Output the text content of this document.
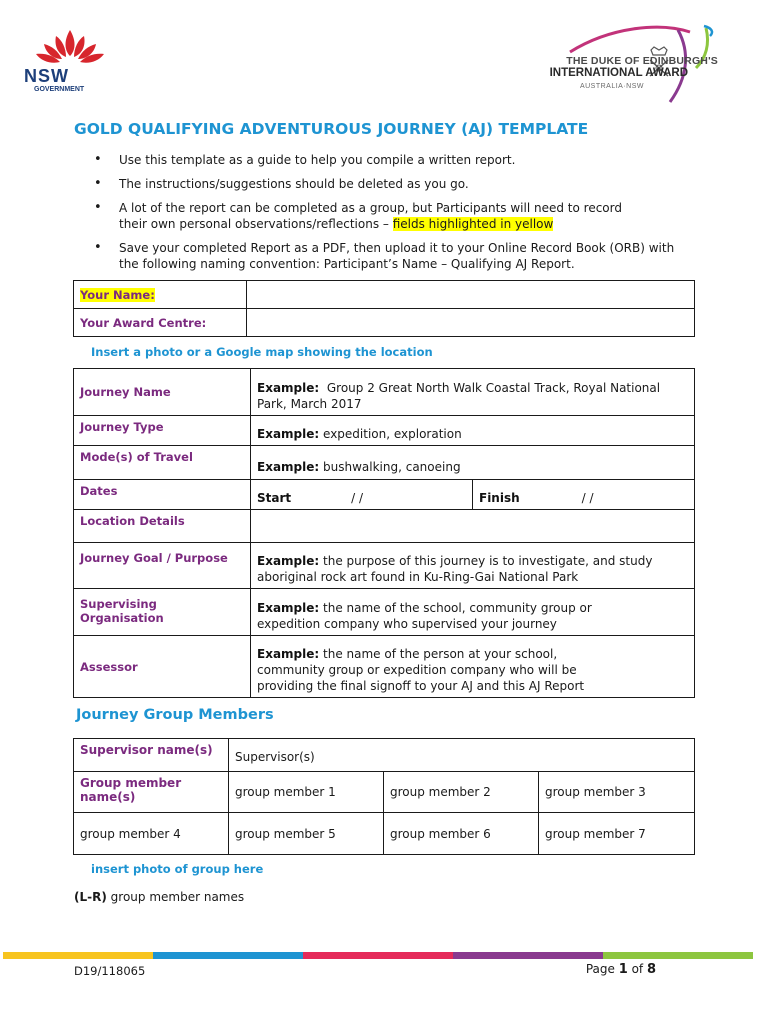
NSW
GOVERNMENT
THE DUKE OF EDINBURGH'S
INTERNATIONAL AWARD
AUSTRALIA·NSW
GOLD QUALIFYING ADVENTUROUS JOURNEY (AJ) TEMPLATE
• Use this template as a guide to help you compile a written report.
• The instructions/suggestions should be deleted as you go.
• A lot of the report can be completed as a group, but Participants will need to record their own personal observations/reflections – fields highlighted in yellow
• Save your completed Report as a PDF, then upload it to your Online Record Book (ORB) with the following naming convention: Participant’s Name – Qualifying AJ Report.
Your Name:	
Your Award Centre:	
Insert a photo or a Google map showing the location
Journey Name	Example: Group 2 Great North Walk Coastal Track, Royal National Park, March 2017	
Journey Type	Example: expedition, exploration	
Mode(s) of Travel	Example: bushwalking, canoeing	
Dates	Start / /	Finish / /
Location Details		
Journey Goal / Purpose	Example: the purpose of this journey is to investigate, and study aboriginal rock art found in Ku-Ring-Gai National Park	
Supervising Organisation	Example: the name of the school, community group or expedition company who supervised your journey	
Assessor	Example: the name of the person at your school, community group or expedition company who will be providing the final signoff to your AJ and this AJ Report	
Journey Group Members
Supervisor name(s)	Supervisor(s)		
Group member name(s)	group member 1	group member 2	group member 3
group member 4	group member 5	group member 6	group member 7
insert photo of group here
(L-R) group member names
D19/118065	Page 1 of 8
